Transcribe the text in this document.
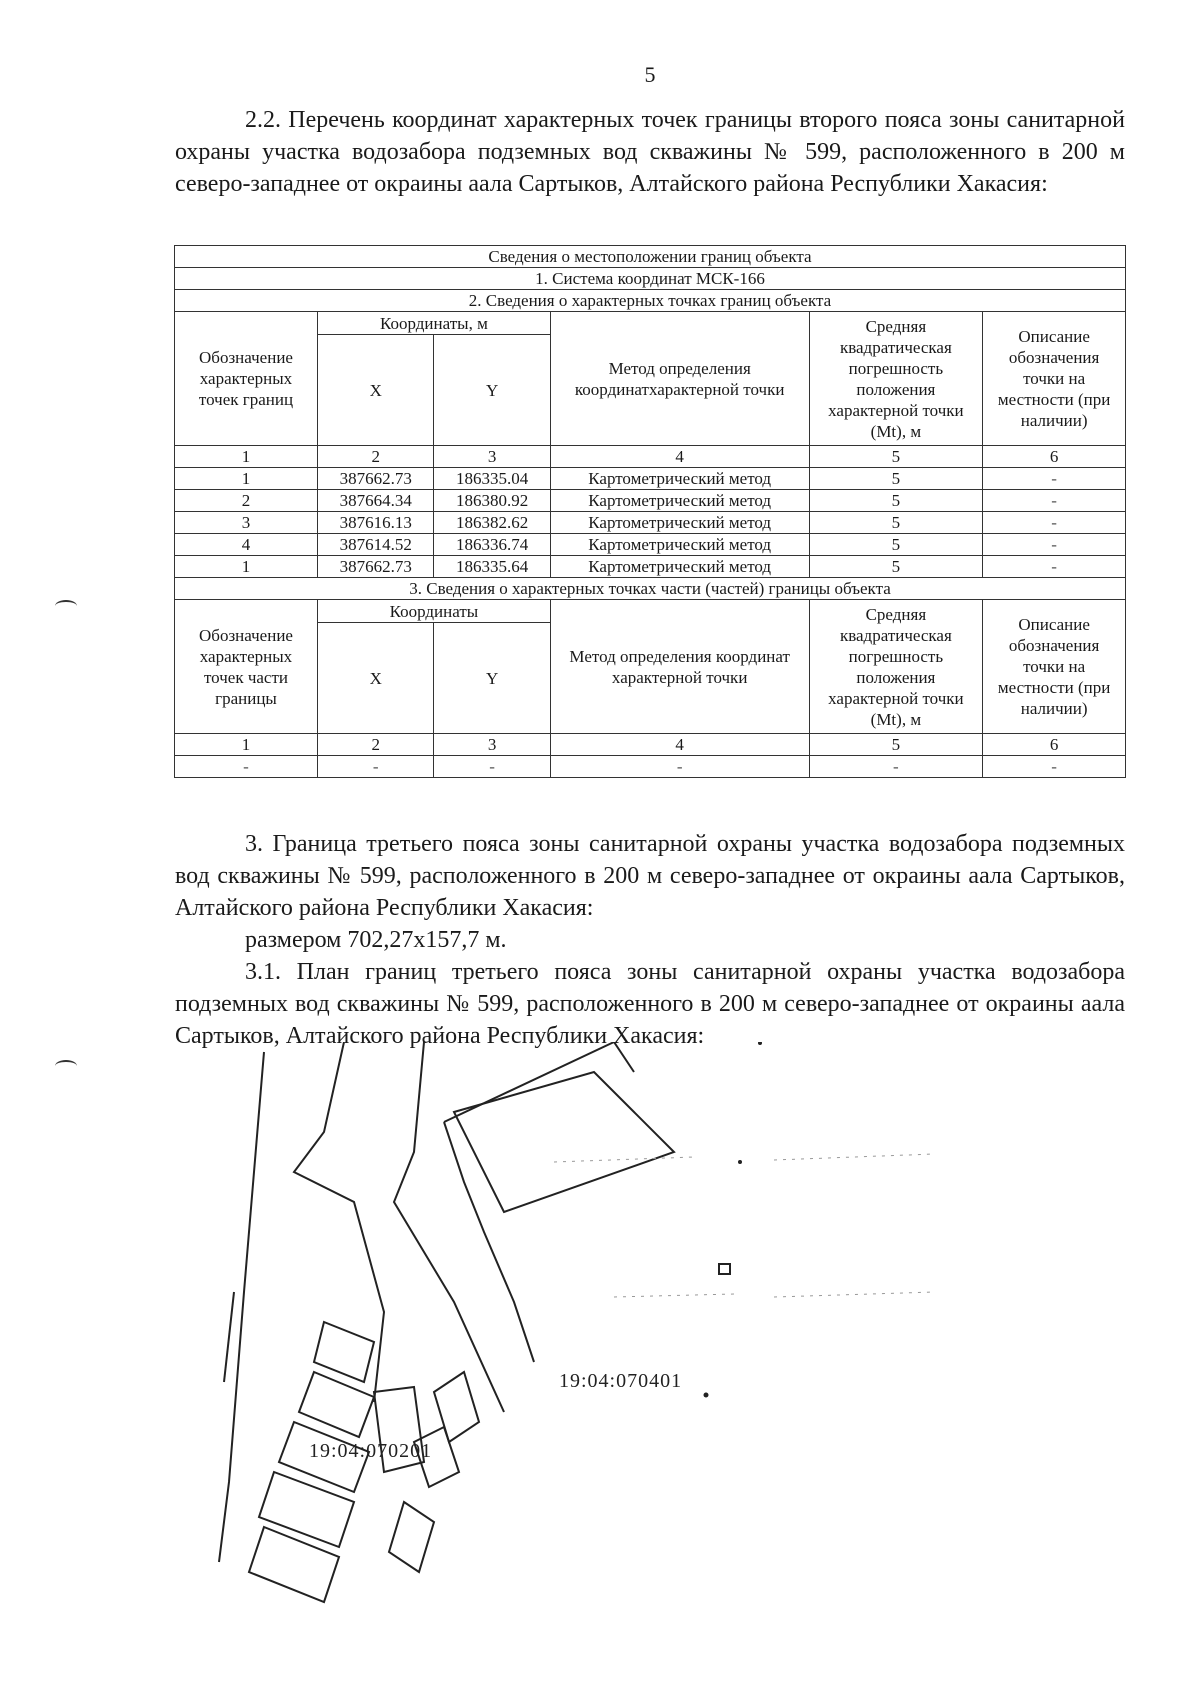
5

2.2. Перечень координат характерных точек границы второго пояса зоны санитарной охраны участка водозабора подземных вод скважины № 599, расположенного в 200 м северо-западнее от окраины аала Сартыков, Алтайского района Республики Хакасия:

Сведения о местоположении границ объекта					
1. Система координат МСК-166					
2. Сведения о характерных точках границ объекта					
Обозначение характерных точек границ	Координаты, м		Метод определения координатхарактерной точки	Средняя квадратическая погрешность положения характерной точки (Mt), м	Описание обозначения точки на местности (при наличии)
	X	Y			
1	2	3	4	5	6
1	387662.73	186335.04	Картометрический метод	5	-
2	387664.34	186380.92	Картометрический метод	5	-
3	387616.13	186382.62	Картометрический метод	5	-
4	387614.52	186336.74	Картометрический метод	5	-
1	387662.73	186335.64	Картометрический метод	5	-
3. Сведения о характерных точках части (частей) границы объекта					
Обозначение характерных точек части границы	Координаты		Метод определения координат характерной точки	Средняя квадратическая погрешность положения характерной точки (Mt), м	Описание обозначения точки на местности (при наличии)
	X	Y			
1	2	3	4	5	6
-	-	-	-	-	-

3. Граница третьего пояса зоны санитарной охраны участка водозабора подземных вод скважины № 599, расположенного в 200 м северо-западнее от окраины аала Сартыков, Алтайского района Республики Хакасия:

размером 702,27х157,7 м.

3.1. План границ третьего пояса зоны санитарной охраны участка водозабора подземных вод скважины № 599, расположенного в 200 м северо-западнее от окраины аала Сартыков, Алтайского района Республики Хакасия:

19:04:070401
19:04:070201
